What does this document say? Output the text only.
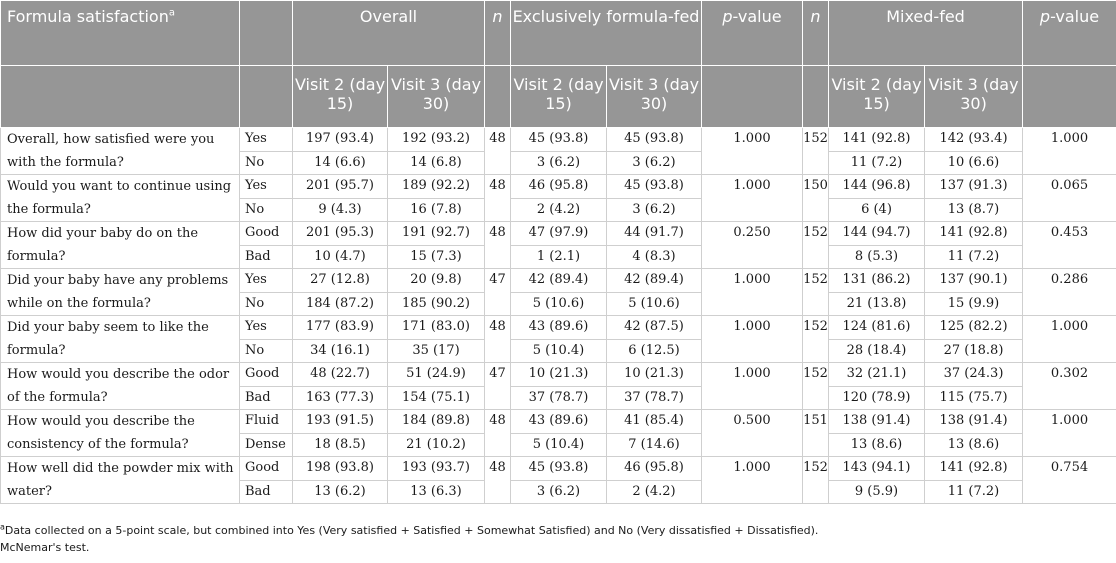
Formula satisfaction$^a$		Overall		n	Exclusively formula-fed		p-value	n	Mixed-fed		p-value
		Visit 2 (day 15)	Visit 3 (day 30)		Visit 2 (day 15)	Visit 3 (day 30)			Visit 2 (day 15)	Visit 3 (day 30)	
Overall, how satisfied were you with the formula?	Yes	197 (93.4)	192 (93.2)	48	45 (93.8)	45 (93.8)	1.000	152	141 (92.8)	142 (93.4)	1.000
	No	14 (6.6)	14 (6.8)		3 (6.2)	3 (6.2)			11 (7.2)	10 (6.6)	
Would you want to continue using the formula?	Yes	201 (95.7)	189 (92.2)	48	46 (95.8)	45 (93.8)	1.000	150	144 (96.8)	137 (91.3)	0.065
	No	9 (4.3)	16 (7.8)		2 (4.2)	3 (6.2)			6 (4)	13 (8.7)	
How did your baby do on the formula?	Good	201 (95.3)	191 (92.7)	48	47 (97.9)	44 (91.7)	0.250	152	144 (94.7)	141 (92.8)	0.453
	Bad	10 (4.7)	15 (7.3)		1 (2.1)	4 (8.3)			8 (5.3)	11 (7.2)	
Did your baby have any problems while on the formula?	Yes	27 (12.8)	20 (9.8)	47	42 (89.4)	42 (89.4)	1.000	152	131 (86.2)	137 (90.1)	0.286
	No	184 (87.2)	185 (90.2)		5 (10.6)	5 (10.6)			21 (13.8)	15 (9.9)	
Did your baby seem to like the formula?	Yes	177 (83.9)	171 (83.0)	48	43 (89.6)	42 (87.5)	1.000	152	124 (81.6)	125 (82.2)	1.000
	No	34 (16.1)	35 (17)		5 (10.4)	6 (12.5)			28 (18.4)	27 (18.8)	
How would you describe the odor of the formula?	Good	48 (22.7)	51 (24.9)	47	10 (21.3)	10 (21.3)	1.000	152	32 (21.1)	37 (24.3)	0.302
	Bad	163 (77.3)	154 (75.1)		37 (78.7)	37 (78.7)			120 (78.9)	115 (75.7)	
How would you describe the consistency of the formula?	Fluid	193 (91.5)	184 (89.8)	48	43 (89.6)	41 (85.4)	0.500	151	138 (91.4)	138 (91.4)	1.000
	Dense	18 (8.5)	21 (10.2)		5 (10.4)	7 (14.6)			13 (8.6)	13 (8.6)	
How well did the powder mix with water?	Good	198 (93.8)	193 (93.7)	48	45 (93.8)	46 (95.8)	1.000	152	143 (94.1)	141 (92.8)	0.754
	Bad	13 (6.2)	13 (6.3)		3 (6.2)	2 (4.2)			9 (5.9)	11 (7.2)	
$^a$Data collected on a 5-point scale, but combined into Yes (Very satisfied + Satisfied + Somewhat Satisfied) and No (Very dissatisfied + Dissatisfied).
McNemar's test.
